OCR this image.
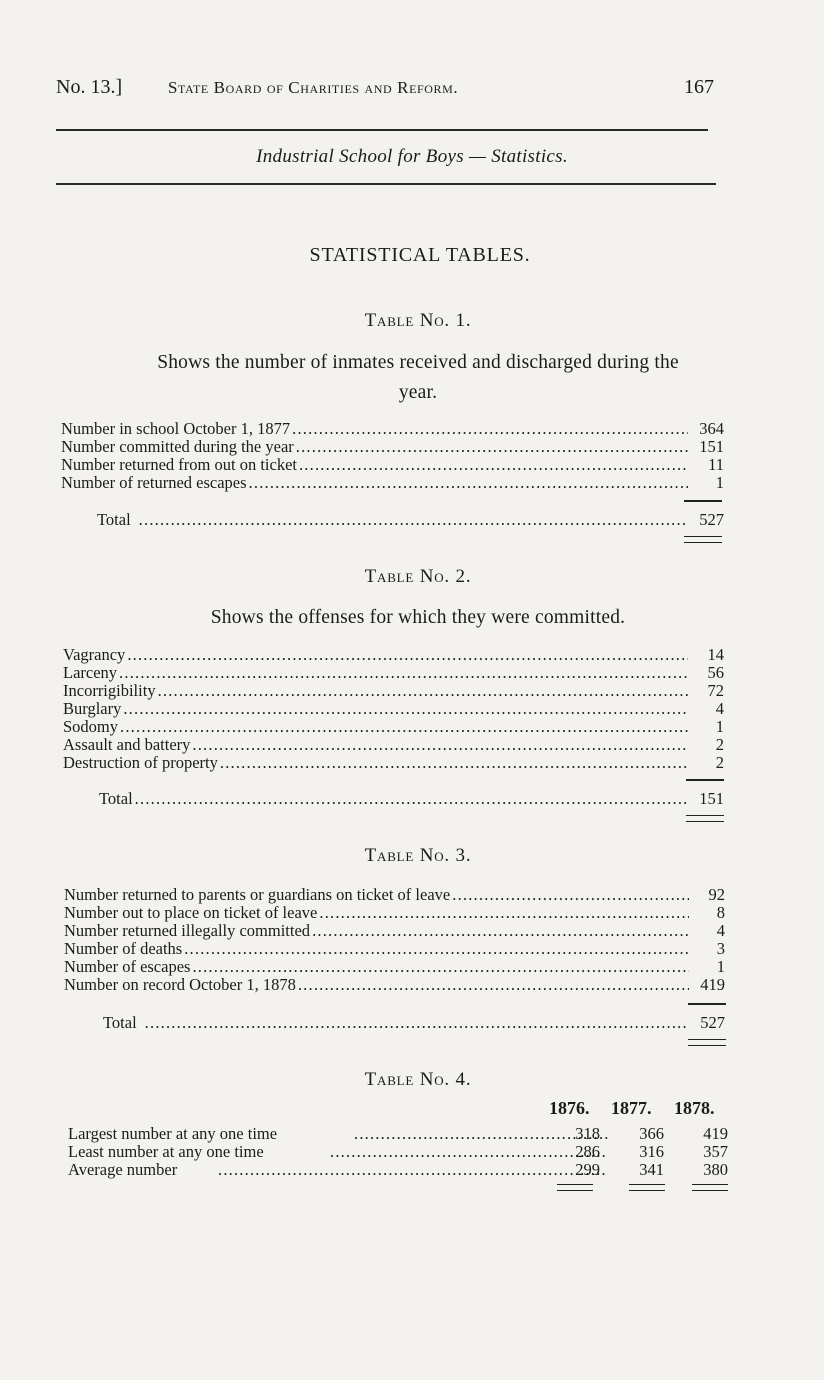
No. 13.]	State Board of Charities and Reform.	167
Industrial School for Boys — Statistics.
STATISTICAL TABLES.
Table No. 1.
Shows the number of inmates received and discharged during the
year.
Number in school October 1, 1877 .....	364
Number committed during the year .....	151
Number returned from out on ticket .....	11
Number of returned escapes .....	1
Total .....	527
Table No. 2.
Shows the offenses for which they were committed.
Vagrancy .....	14
Larceny .....	56
Incorrigibility .....	72
Burglary .....	4
Sodomy .....	1
Assault and battery .....	2
Destruction of property .....	2
Total .....	151
Table No. 3.
Number returned to parents or guardians on ticket of leave .....	92
Number out to place on ticket of leave .....	8
Number returned illegally committed .....	4
Number of deaths .....	3
Number of escapes .....	1
Number on record October 1, 1878 .....	419
Total .....	527
Table No. 4.
1876. 1877. 1878.
Largest number at any one time .....	318	366	419
Least number at any one time .....	286	316	357
Average number .....	299	341	380
